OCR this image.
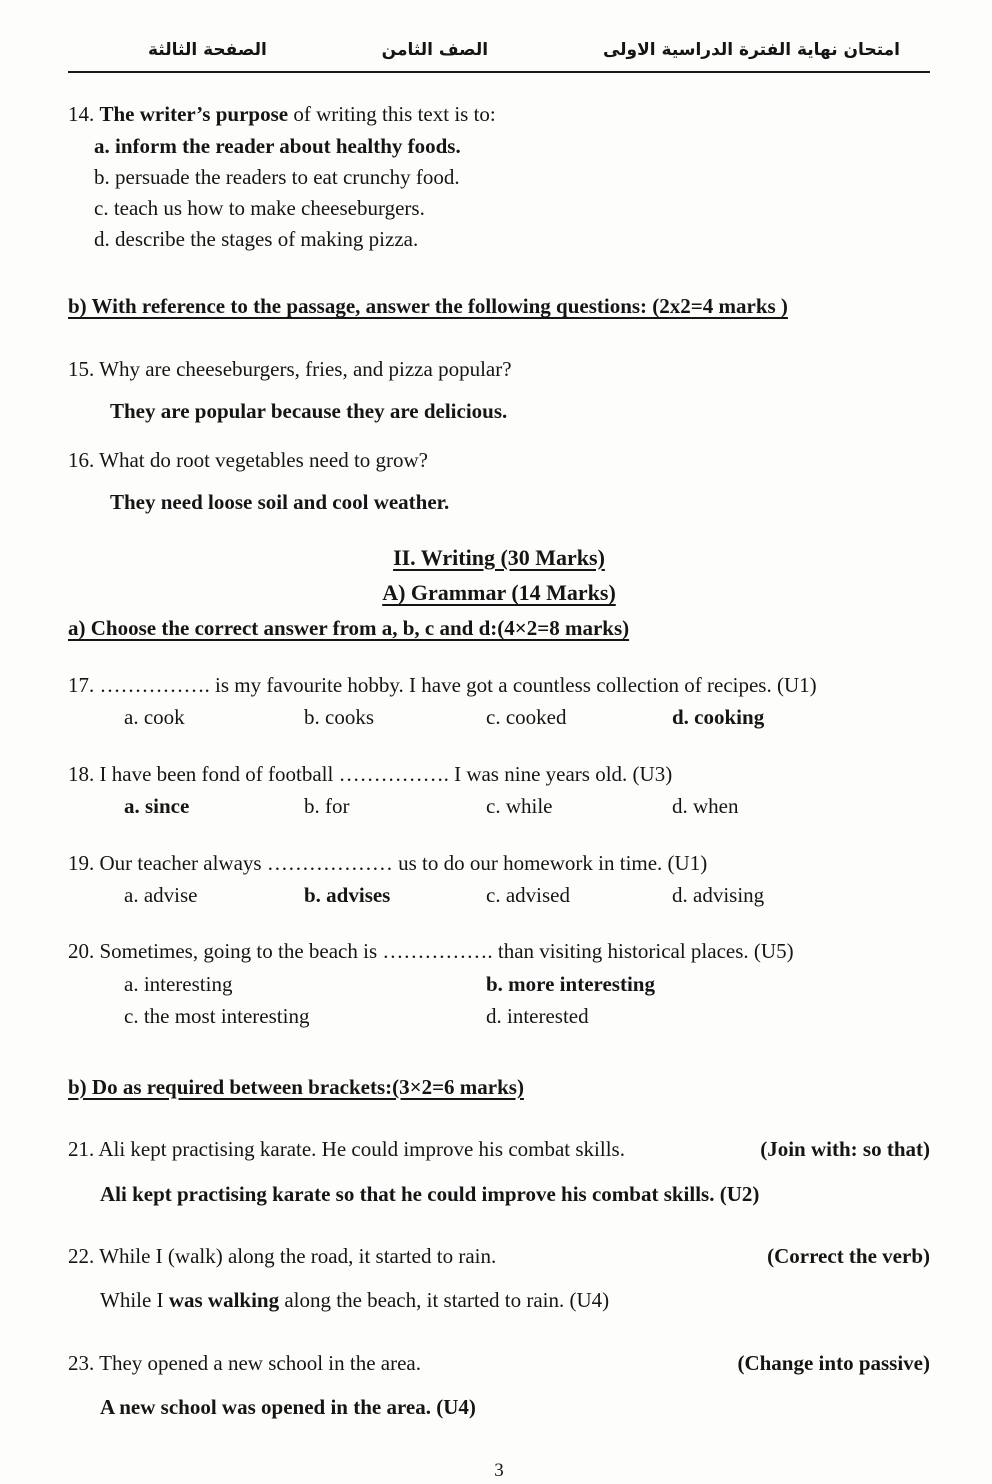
الصفحة الثالثة	الصف الثامن	امتحان نهاية الفترة الدراسية الاولى
14. The writer’s purpose of writing this text is to:
a. inform the reader about healthy foods.
b. persuade the readers to eat crunchy food.
c. teach us how to make cheeseburgers.
d. describe the stages of making pizza.
b) With reference to the passage, answer the following questions: (2x2=4 marks )
15. Why are cheeseburgers, fries, and pizza popular?
They are popular because they are delicious.
16. What do root vegetables need to grow?
They need loose soil and cool weather.
II. Writing (30 Marks)
A) Grammar (14 Marks)
a) Choose the correct answer from a, b, c and d:(4×2=8 marks)
17. ……………. is my favourite hobby. I have got a countless collection of recipes. (U1)
a. cook	b. cooks	c. cooked	d. cooking
18. I have been fond of football ……………. I was nine years old. (U3)
a. since	b. for	c. while	d. when
19. Our teacher always ……………… us to do our homework in time. (U1)
a. advise	b. advises	c. advised	d. advising
20. Sometimes, going to the beach is ……………. than visiting historical places. (U5)
a. interesting	b. more interesting
c. the most interesting	d. interested
b) Do as required between brackets:(3×2=6 marks)
21. Ali kept practising karate. He could improve his combat skills.	(Join with: so that)
Ali kept practising karate so that he could improve his combat skills. (U2)
22. While I (walk) along the road, it started to rain.	(Correct the verb)
While I was walking along the beach, it started to rain. (U4)
23. They opened a new school in the area.	(Change into passive)
A new school was opened in the area. (U4)
3
